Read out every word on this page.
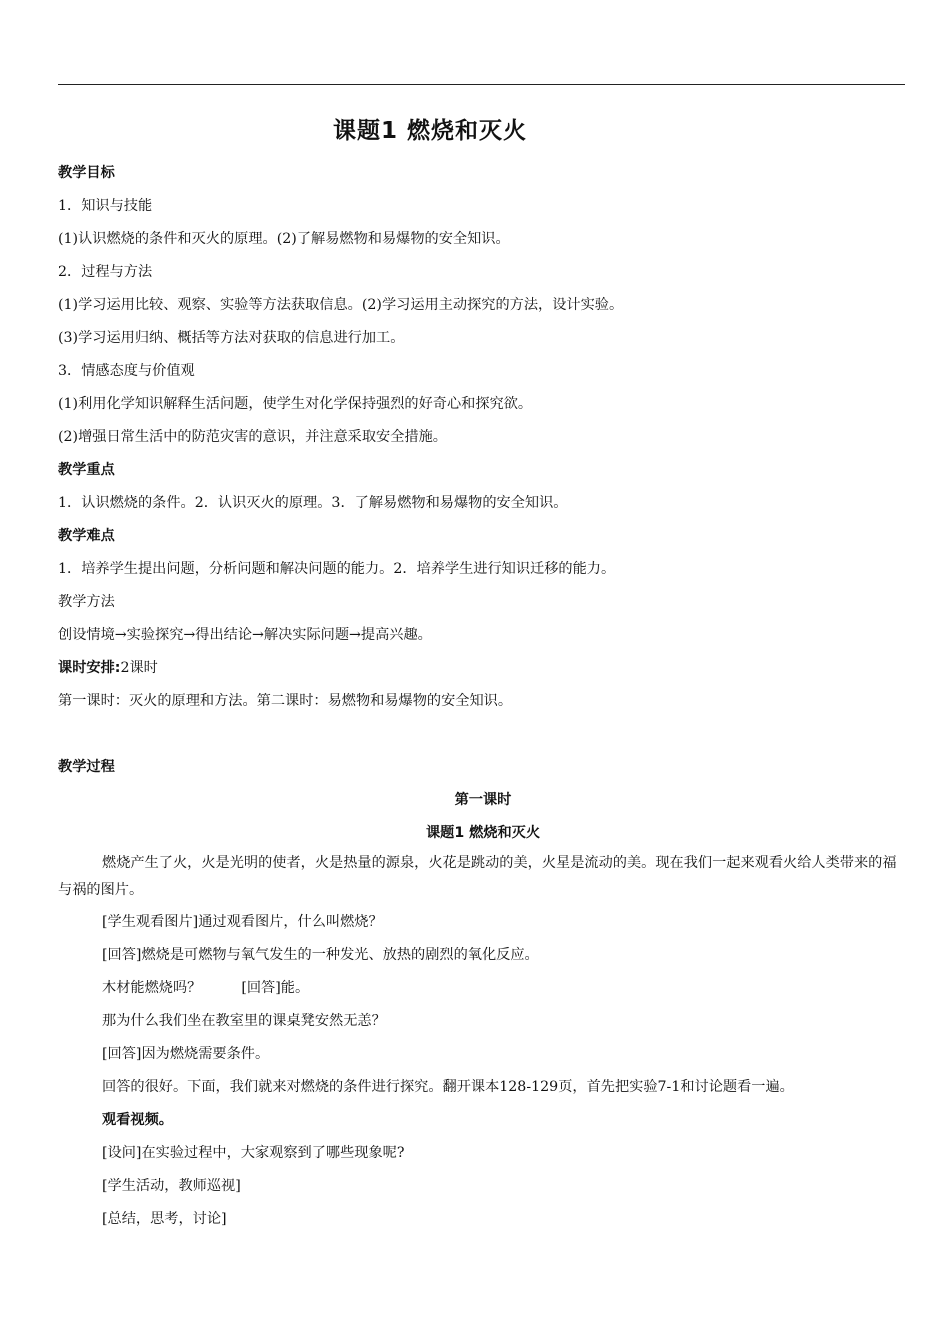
课题1 燃烧和灭火
教学目标
1．知识与技能
(1)认识燃烧的条件和灭火的原理。(2)了解易燃物和易爆物的安全知识。
2．过程与方法
(1)学习运用比较、观察、实验等方法获取信息。(2)学习运用主动探究的方法，设计实验。
(3)学习运用归纳、概括等方法对获取的信息进行加工。
3．情感态度与价值观
(1)利用化学知识解释生活问题，使学生对化学保持强烈的好奇心和探究欲。
(2)增强日常生活中的防范灾害的意识，并注意采取安全措施。
教学重点
1．认识燃烧的条件。2．认识灭火的原理。3．了解易燃物和易爆物的安全知识。
教学难点
1．培养学生提出问题，分析问题和解决问题的能力。2．培养学生进行知识迁移的能力。
教学方法
创设情境→实验探究→得出结论→解决实际问题→提高兴趣。
课时安排:2课时
第一课时：灭火的原理和方法。第二课时：易燃物和易爆物的安全知识。
教学过程
第一课时
课题1 燃烧和灭火
燃烧产生了火，火是光明的使者，火是热量的源泉，火花是跳动的美，火星是流动的美。现在我们一起来观看火给人类带来的福与祸的图片。
[学生观看图片]通过观看图片，什么叫燃烧？
[回答]燃烧是可燃物与氧气发生的一种发光、放热的剧烈的氧化反应。
木材能燃烧吗？	[回答]能。
那为什么我们坐在教室里的课桌凳安然无恙？
[回答]因为燃烧需要条件。
回答的很好。下面，我们就来对燃烧的条件进行探究。翻开课本128-129页，首先把实验7-1和讨论题看一遍。
观看视频。
[设问]在实验过程中，大家观察到了哪些现象呢?
[学生活动，教师巡视]
[总结，思考，讨论]
